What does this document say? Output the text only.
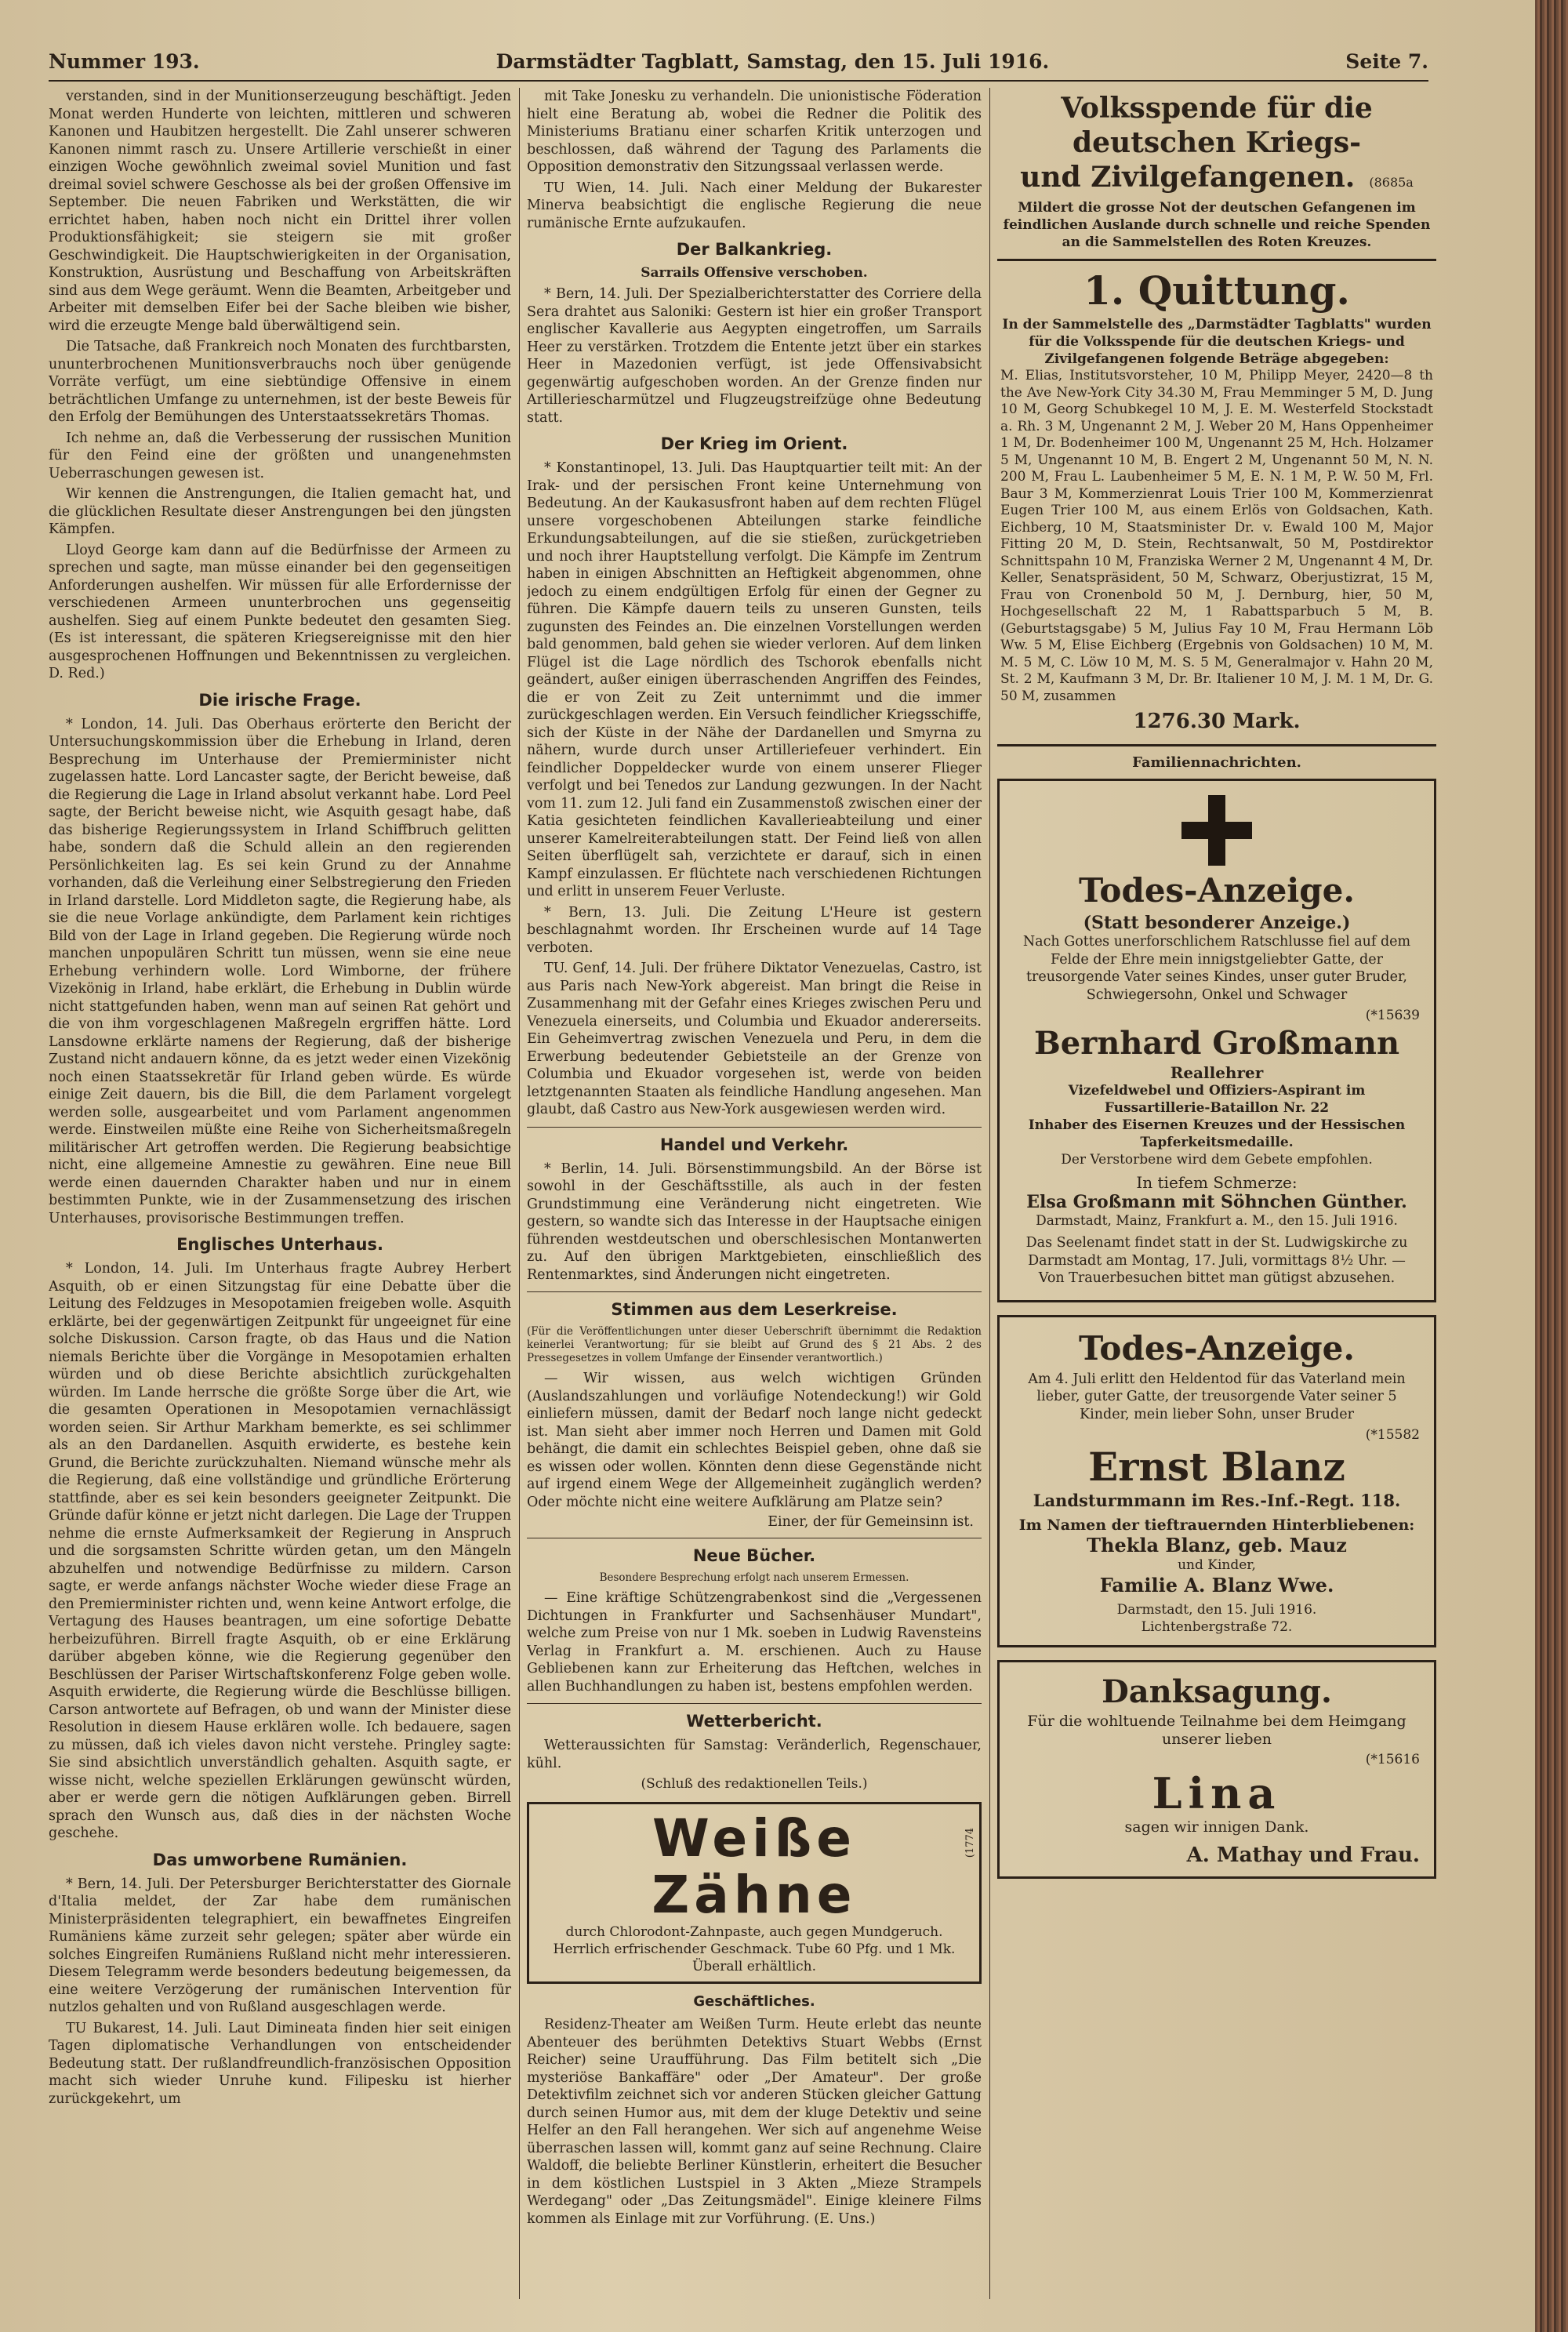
Nummer 193.	Darmstädter Tagblatt, Samstag, den 15. Juli 1916.	Seite 7.

verstanden, sind in der Munitionserzeugung beschäftigt. Jeden Monat werden Hunderte von leichten, mittleren und schweren Kanonen und Haubitzen hergestellt. Die Zahl unserer schweren Kanonen nimmt rasch zu. Unsere Artillerie verschießt in einer einzigen Woche gewöhnlich zweimal soviel Munition und fast dreimal soviel schwere Geschosse als bei der großen Offensive im September. Die neuen Fabriken und Werkstätten, die wir errichtet haben, haben noch nicht ein Drittel ihrer vollen Produktionsfähigkeit; sie steigern sie mit großer Geschwindigkeit. Die Hauptschwierigkeiten in der Organisation, Konstruktion, Ausrüstung und Beschaffung von Arbeitskräften sind aus dem Wege geräumt. Wenn die Beamten, Arbeitgeber und Arbeiter mit demselben Eifer bei der Sache bleiben wie bisher, wird die erzeugte Menge bald überwältigend sein.

Die Tatsache, daß Frankreich noch Monaten des furchtbarsten, ununterbrochenen Munitionsverbrauchs noch über genügende Vorräte verfügt, um eine siebtündige Offensive in einem beträchtlichen Umfange zu unternehmen, ist der beste Beweis für den Erfolg der Bemühungen des Unterstaatssekretärs Thomas.

Ich nehme an, daß die Verbesserung der russischen Munition für den Feind eine der größten und unangenehmsten Ueberraschungen gewesen ist.

Wir kennen die Anstrengungen, die Italien gemacht hat, und die glücklichen Resultate dieser Anstrengungen bei den jüngsten Kämpfen.

Lloyd George kam dann auf die Bedürfnisse der Armeen zu sprechen und sagte, man müsse einander bei den gegenseitigen Anforderungen aushelfen. Wir müssen für alle Erfordernisse der verschiedenen Armeen ununterbrochen uns gegenseitig aushelfen. Sieg auf einem Punkte bedeutet den gesamten Sieg. (Es ist interessant, die späteren Kriegsereignisse mit den hier ausgesprochenen Hoffnungen und Bekenntnissen zu vergleichen. D. Red.)

Die irische Frage.

* London, 14. Juli. Das Oberhaus erörterte den Bericht der Untersuchungskommission über die Erhebung in Irland, deren Besprechung im Unterhause der Premierminister nicht zugelassen hatte. Lord Lancaster sagte, der Bericht beweise, daß die Regierung die Lage in Irland absolut verkannt habe. Lord Peel sagte, der Bericht beweise nicht, wie Asquith gesagt habe, daß das bisherige Regierungssystem in Irland Schiffbruch gelitten habe, sondern daß die Schuld allein an den regierenden Persönlichkeiten lag. Es sei kein Grund zu der Annahme vorhanden, daß die Verleihung einer Selbstregierung den Frieden in Irland darstelle. Lord Middleton sagte, die Regierung habe, als sie die neue Vorlage ankündigte, dem Parlament kein richtiges Bild von der Lage in Irland gegeben. Die Regierung würde noch manchen unpopulären Schritt tun müssen, wenn sie eine neue Erhebung verhindern wolle. Lord Wimborne, der frühere Vizekönig in Irland, habe erklärt, die Erhebung in Dublin würde nicht stattgefunden haben, wenn man auf seinen Rat gehört und die von ihm vorgeschlagenen Maßregeln ergriffen hätte. Lord Lansdowne erklärte namens der Regierung, daß der bisherige Zustand nicht andauern könne, da es jetzt weder einen Vizekönig noch einen Staatssekretär für Irland geben würde. Es würde einige Zeit dauern, bis die Bill, die dem Parlament vorgelegt werden solle, ausgearbeitet und vom Parlament angenommen werde. Einstweilen müßte eine Reihe von Sicherheitsmaßregeln militärischer Art getroffen werden. Die Regierung beabsichtige nicht, eine allgemeine Amnestie zu gewähren. Eine neue Bill werde einen dauernden Charakter haben und nur in einem bestimmten Punkte, wie in der Zusammensetzung des irischen Unterhauses, provisorische Bestimmungen treffen.

Englisches Unterhaus.

* London, 14. Juli. Im Unterhaus fragte Aubrey Herbert Asquith, ob er einen Sitzungstag für eine Debatte über die Leitung des Feldzuges in Mesopotamien freigeben wolle. Asquith erklärte, bei der gegenwärtigen Zeitpunkt für ungeeignet für eine solche Diskussion. Carson fragte, ob das Haus und die Nation niemals Berichte über die Vorgänge in Mesopotamien erhalten würden und ob diese Berichte absichtlich zurückgehalten würden. Im Lande herrsche die größte Sorge über die Art, wie die gesamten Operationen in Mesopotamien vernachlässigt worden seien. Sir Arthur Markham bemerkte, es sei schlimmer als an den Dardanellen. Asquith erwiderte, es bestehe kein Grund, die Berichte zurückzuhalten. Niemand wünsche mehr als die Regierung, daß eine vollständige und gründliche Erörterung stattfinde, aber es sei kein besonders geeigneter Zeitpunkt. Die Gründe dafür könne er jetzt nicht darlegen. Die Lage der Truppen nehme die ernste Aufmerksamkeit der Regierung in Anspruch und die sorgsamsten Schritte würden getan, um den Mängeln abzuhelfen und notwendige Bedürfnisse zu mildern. Carson sagte, er werde anfangs nächster Woche wieder diese Frage an den Premierminister richten und, wenn keine Antwort erfolge, die Vertagung des Hauses beantragen, um eine sofortige Debatte herbeizuführen. Birrell fragte Asquith, ob er eine Erklärung darüber abgeben könne, wie die Regierung gegenüber den Beschlüssen der Pariser Wirtschaftskonferenz Folge geben wolle. Asquith erwiderte, die Regierung würde die Beschlüsse billigen. Carson antwortete auf Befragen, ob und wann der Minister diese Resolution in diesem Hause erklären wolle. Ich bedauere, sagen zu müssen, daß ich vieles davon nicht verstehe. Pringley sagte: Sie sind absichtlich unverständlich gehalten. Asquith sagte, er wisse nicht, welche speziellen Erklärungen gewünscht würden, aber er werde gern die nötigen Aufklärungen geben. Birrell sprach den Wunsch aus, daß dies in der nächsten Woche geschehe.

Das umworbene Rumänien.

* Bern, 14. Juli. Der Petersburger Berichterstatter des Giornale d'Italia meldet, der Zar habe dem rumänischen Ministerpräsidenten telegraphiert, ein bewaffnetes Eingreifen Rumäniens käme zurzeit sehr gelegen; später aber würde ein solches Eingreifen Rumäniens Rußland nicht mehr interessieren. Diesem Telegramm werde besonders bedeutung beigemessen, da eine weitere Verzögerung der rumänischen Intervention für nutzlos gehalten und von Rußland ausgeschlagen werde.

TU Bukarest, 14. Juli. Laut Dimineata finden hier seit einigen Tagen diplomatische Verhandlungen von entscheidender Bedeutung statt. Der rußlandfreundlich-französischen Opposition macht sich wieder Unruhe kund. Filipesku ist hierher zurückgekehrt, um

mit Take Jonesku zu verhandeln. Die unionistische Föderation hielt eine Beratung ab, wobei die Redner die Politik des Ministeriums Bratianu einer scharfen Kritik unterzogen und beschlossen, daß während der Tagung des Parlaments die Opposition demonstrativ den Sitzungssaal verlassen werde.

TU Wien, 14. Juli. Nach einer Meldung der Bukarester Minerva beabsichtigt die englische Regierung die neue rumänische Ernte aufzukaufen.

Der Balkankrieg.
Sarrails Offensive verschoben.

* Bern, 14. Juli. Der Spezialberichterstatter des Corriere della Sera drahtet aus Saloniki: Gestern ist hier ein großer Transport englischer Kavallerie aus Aegypten eingetroffen, um Sarrails Heer zu verstärken. Trotzdem die Entente jetzt über ein starkes Heer in Mazedonien verfügt, ist jede Offensivabsicht gegenwärtig aufgeschoben worden. An der Grenze finden nur Artilleriescharmützel und Flugzeugstreifzüge ohne Bedeutung statt.

Der Krieg im Orient.

* Konstantinopel, 13. Juli. Das Hauptquartier teilt mit: An der Irak- und der persischen Front keine Unternehmung von Bedeutung. An der Kaukasusfront haben auf dem rechten Flügel unsere vorgeschobenen Abteilungen starke feindliche Erkundungsabteilungen, auf die sie stießen, zurückgetrieben und noch ihrer Hauptstellung verfolgt. Die Kämpfe im Zentrum haben in einigen Abschnitten an Heftigkeit abgenommen, ohne jedoch zu einem endgültigen Erfolg für einen der Gegner zu führen. Die Kämpfe dauern teils zu unseren Gunsten, teils zugunsten des Feindes an. Die einzelnen Vorstellungen werden bald genommen, bald gehen sie wieder verloren. Auf dem linken Flügel ist die Lage nördlich des Tschorok ebenfalls nicht geändert, außer einigen überraschenden Angriffen des Feindes, die er von Zeit zu Zeit unternimmt und die immer zurückgeschlagen werden. Ein Versuch feindlicher Kriegsschiffe, sich der Küste in der Nähe der Dardanellen und Smyrna zu nähern, wurde durch unser Artilleriefeuer verhindert. Ein feindlicher Doppeldecker wurde von einem unserer Flieger verfolgt und bei Tenedos zur Landung gezwungen. In der Nacht vom 11. zum 12. Juli fand ein Zusammenstoß zwischen einer der Katia gesichteten feindlichen Kavallerieabteilung und einer unserer Kamelreiterabteilungen statt. Der Feind ließ von allen Seiten überflügelt sah, verzichtete er darauf, sich in einen Kampf einzulassen. Er flüchtete nach verschiedenen Richtungen und erlitt in unserem Feuer Verluste.

* Bern, 13. Juli. Die Zeitung L'Heure ist gestern beschlagnahmt worden. Ihr Erscheinen wurde auf 14 Tage verboten.

TU. Genf, 14. Juli. Der frühere Diktator Venezuelas, Castro, ist aus Paris nach New-York abgereist. Man bringt die Reise in Zusammenhang mit der Gefahr eines Krieges zwischen Peru und Venezuela einerseits, und Columbia und Ekuador andererseits. Ein Geheimvertrag zwischen Venezuela und Peru, in dem die Erwerbung bedeutender Gebietsteile an der Grenze von Columbia und Ekuador vorgesehen ist, werde von beiden letztgenannten Staaten als feindliche Handlung angesehen. Man glaubt, daß Castro aus New-York ausgewiesen werden wird.

Handel und Verkehr.

* Berlin, 14. Juli. Börsenstimmungsbild. An der Börse ist sowohl in der Geschäftsstille, als auch in der festen Grundstimmung eine Veränderung nicht eingetreten. Wie gestern, so wandte sich das Interesse in der Hauptsache einigen führenden westdeutschen und oberschlesischen Montanwerten zu. Auf den übrigen Marktgebieten, einschließlich des Rentenmarktes, sind Änderungen nicht eingetreten.

Stimmen aus dem Leserkreise.
(Für die Veröffentlichungen unter dieser Ueberschrift übernimmt die Redaktion keinerlei Verantwortung; für sie bleibt auf Grund des § 21 Abs. 2 des Pressegesetzes in vollem Umfange der Einsender verantwortlich.)

— Wir wissen, aus welch wichtigen Gründen (Auslandszahlungen und vorläufige Notendeckung!) wir Gold einliefern müssen, damit der Bedarf noch lange nicht gedeckt ist. Man sieht aber immer noch Herren und Damen mit Gold behängt, die damit ein schlechtes Beispiel geben, ohne daß sie es wissen oder wollen. Könnten denn diese Gegenstände nicht auf irgend einem Wege der Allgemeinheit zugänglich werden? Oder möchte nicht eine weitere Aufklärung am Platze sein?

Einer, der für Gemeinsinn ist.
Neue Bücher.
Besondere Besprechung erfolgt nach unserem Ermessen.

— Eine kräftige Schützengrabenkost sind die „Vergessenen Dichtungen in Frankfurter und Sachsenhäuser Mundart", welche zum Preise von nur 1 Mk. soeben in Ludwig Ravensteins Verlag in Frankfurt a. M. erschienen. Auch zu Hause Gebliebenen kann zur Erheiterung das Heftchen, welches in allen Buchhandlungen zu haben ist, bestens empfohlen werden.

Wetterbericht.

Wetteraussichten für Samstag: Veränderlich, Regenschauer, kühl.

(Schluß des redaktionellen Teils.)
Weiße Zähne
durch Chlorodont-Zahnpaste, auch gegen Mundgeruch. Herrlich erfrischender Geschmack. Tube 60 Pfg. und 1 Mk. Überall erhältlich.
(1774
Geschäftliches.

Residenz-Theater am Weißen Turm. Heute erlebt das neunte Abenteuer des berühmten Detektivs Stuart Webbs (Ernst Reicher) seine Uraufführung. Das Film betitelt sich „Die mysteriöse Bankaffäre" oder „Der Amateur". Der große Detektivfilm zeichnet sich vor anderen Stücken gleicher Gattung durch seinen Humor aus, mit dem der kluge Detektiv und seine Helfer an den Fall herangehen. Wer sich auf angenehme Weise überraschen lassen will, kommt ganz auf seine Rechnung. Claire Waldoff, die beliebte Berliner Künstlerin, erheitert die Besucher in dem köstlichen Lustspiel in 3 Akten „Mieze Strampels Werdegang" oder „Das Zeitungsmädel". Einige kleinere Films kommen als Einlage mit zur Vorführung. (E. Uns.)

Volksspende für die deutschen Kriegs-
und Zivilgefangenen. (8685a
Mildert die grosse Not der deutschen Gefangenen im feindlichen Auslande durch schnelle und reiche Spenden an die Sammelstellen des Roten Kreuzes.
1. Quittung.
In der Sammelstelle des „Darmstädter Tagblatts" wurden für die Volksspende für die deutschen Kriegs- und Zivilgefangenen folgende Beträge abgegeben:

M. Elias, Institutsvorsteher, 10 M, Philipp Meyer, 2420—8 th the Ave New-York City 34.30 M, Frau Memminger 5 M, D. Jung 10 M, Georg Schubkegel 10 M, J. E. M. Westerfeld Stockstadt a. Rh. 3 M, Ungenannt 2 M, J. Weber 20 M, Hans Oppenheimer 1 M, Dr. Bodenheimer 100 M, Ungenannt 25 M, Hch. Holzamer 5 M, Ungenannt 10 M, B. Engert 2 M, Ungenannt 50 M, N. N. 200 M, Frau L. Laubenheimer 5 M, E. N. 1 M, P. W. 50 M, Frl. Baur 3 M, Kommerzienrat Louis Trier 100 M, Kommerzienrat Eugen Trier 100 M, aus einem Erlös von Goldsachen, Kath. Eichberg, 10 M, Staatsminister Dr. v. Ewald 100 M, Major Fitting 20 M, D. Stein, Rechtsanwalt, 50 M, Postdirektor Schnittspahn 10 M, Franziska Werner 2 M, Ungenannt 4 M, Dr. Keller, Senatspräsident, 50 M, Schwarz, Oberjustizrat, 15 M, Frau von Cronenbold 50 M, J. Dernburg, hier, 50 M, Hochgesellschaft 22 M, 1 Rabattsparbuch 5 M, B. (Geburtstagsgabe) 5 M, Julius Fay 10 M, Frau Hermann Löb Ww. 5 M, Elise Eichberg (Ergebnis von Goldsachen) 10 M, M. M. 5 M, C. Löw 10 M, M. S. 5 M, Generalmajor v. Hahn 20 M, St. 2 M, Kaufmann 3 M, Dr. Br. Italiener 10 M, J. M. 1 M, Dr. G. 50 M, zusammen

1276.30 Mark.
Familiennachrichten.
Todes-Anzeige.
(Statt besonderer Anzeige.)

Nach Gottes unerforschlichem Ratschlusse fiel auf dem Felde der Ehre mein innigstgeliebter Gatte, der treusorgende Vater seines Kindes, unser guter Bruder, Schwiegersohn, Onkel und Schwager

(*15639
Bernhard Großmann
Reallehrer
Vizefeldwebel und Offiziers-Aspirant im Fussartillerie-Bataillon Nr. 22
Inhaber des Eisernen Kreuzes und der Hessischen Tapferkeitsmedaille.
Der Verstorbene wird dem Gebete empfohlen.
In tiefem Schmerze:
Elsa Großmann mit Söhnchen Günther.
Darmstadt, Mainz, Frankfurt a. M., den 15. Juli 1916.

Das Seelenamt findet statt in der St. Ludwigskirche zu Darmstadt am Montag, 17. Juli, vormittags 8½ Uhr. — Von Trauerbesuchen bittet man gütigst abzusehen.

Todes-Anzeige.

Am 4. Juli erlitt den Heldentod für das Vaterland mein lieber, guter Gatte, der treusorgende Vater seiner 5 Kinder, mein lieber Sohn, unser Bruder

(*15582
Ernst Blanz
Landsturmmann im Res.-Inf.-Regt. 118.
Im Namen der tieftrauernden Hinterbliebenen:
Thekla Blanz, geb. Mauz
und Kinder,
Familie A. Blanz Wwe.
Darmstadt, den 15. Juli 1916.
Lichtenbergstraße 72.
Danksagung.

Für die wohltuende Teilnahme bei dem Heimgang unserer lieben

(*15616
Lina
sagen wir innigen Dank.
A. Mathay und Frau.
